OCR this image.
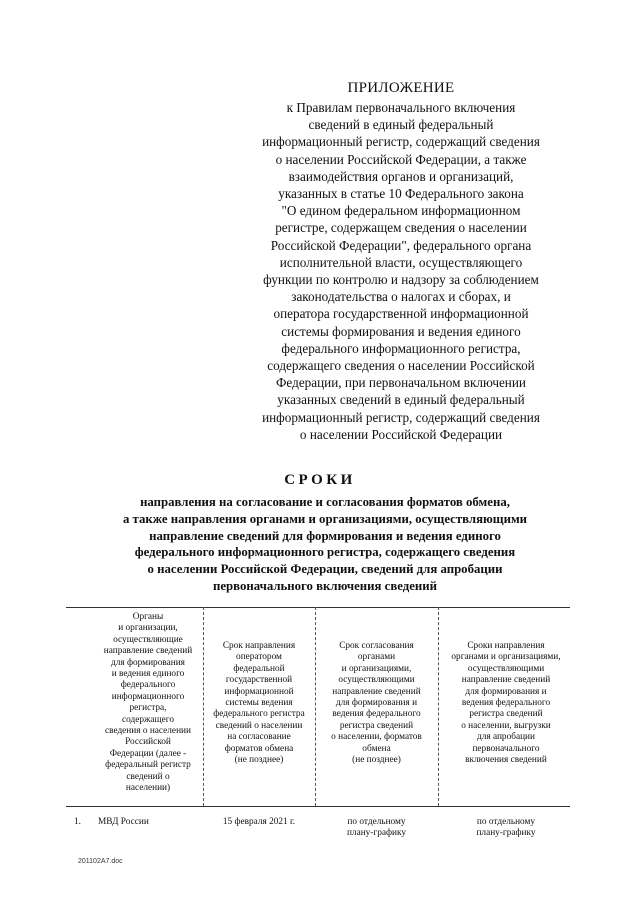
ПРИЛОЖЕНИЕ
к Правилам первоначального включения
сведений в единый федеральный
информационный регистр, содержащий сведения
о населении Российской Федерации, а также
взаимодействия органов и организаций,
указанных в статье 10 Федерального закона
"О едином федеральном информационном
регистре, содержащем сведения о населении
Российской Федерации", федерального органа
исполнительной власти, осуществляющего
функции по контролю и надзору за соблюдением
законодательства о налогах и сборах, и
оператора государственной информационной
системы формирования и ведения единого
федерального информационного регистра,
содержащего сведения о населении Российской
Федерации, при первоначальном включении
указанных сведений в единый федеральный
информационный регистр, содержащий сведения
о населении Российской Федерации
СРОКИ
направления на согласование и согласования форматов обмена,
а также направления органами и организациями, осуществляющими
направление сведений для формирования и ведения единого
федерального информационного регистра, содержащего сведения
о населении Российской Федерации, сведений для апробации
первоначального включения сведений
Органы
и организации,
осуществляющие
направление сведений
для формирования
и ведения единого
федерального
информационного
регистра,
содержащего
сведения о населении
Российской
Федерации (далее -
федеральный регистр
сведений о
населении)
Срок направления
оператором
федеральной
государственной
информационной
системы ведения
федерального регистра
сведений о населении
на согласование
форматов обмена
(не позднее)
Срок согласования
органами
и организациями,
осуществляющими
направление сведений
для формирования и
ведения федерального
регистра сведений
о населении, форматов
обмена
(не позднее)
Сроки направления
органами и организациями,
осуществляющими
направление сведений
для формирования и
ведения федерального
регистра сведений
о населении, выгрузки
для апробации
первоначального
включения сведений
1. МВД России	15 февраля 2021 г.	по отдельному
плану-графику
по отдельному
плану-графику
201102A7.doc
